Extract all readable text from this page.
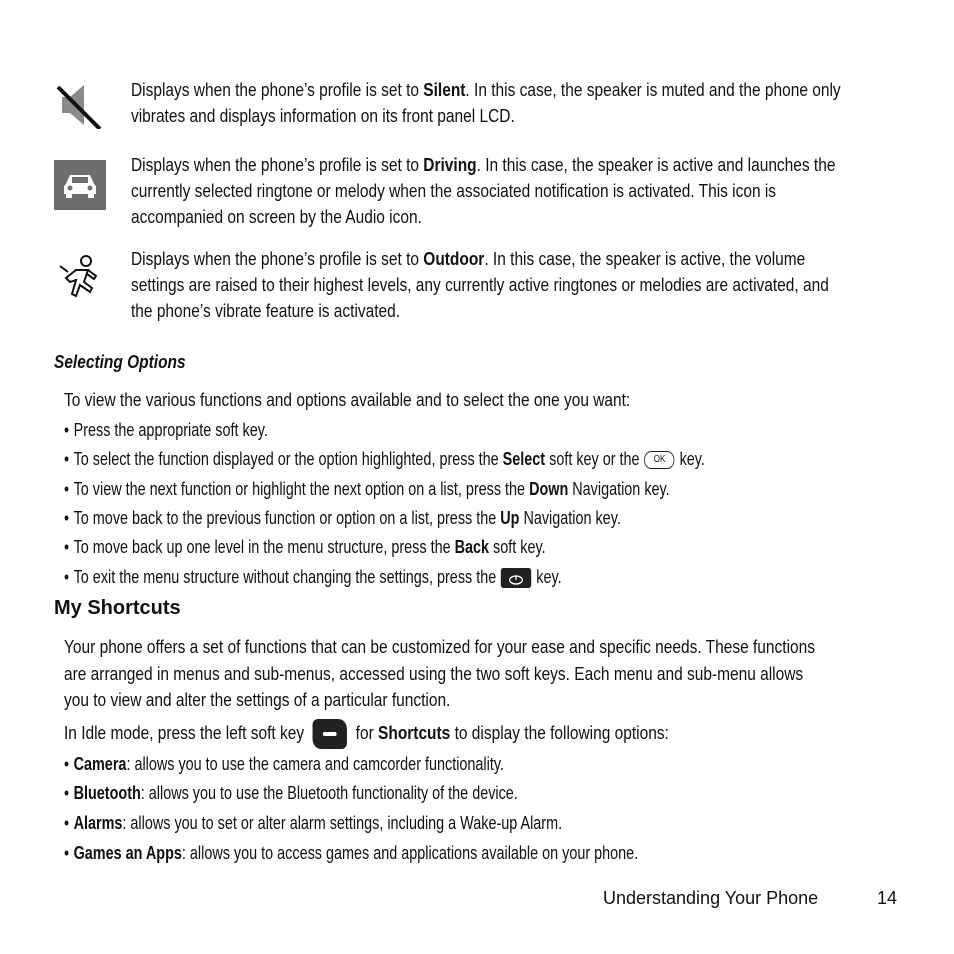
Displays when the phone’s profile is set to Silent. In this case, the speaker is muted and the phone only
vibrates and displays information on its front panel LCD.
Displays when the phone’s profile is set to Driving. In this case, the speaker is active and launches the
currently selected ringtone or melody when the associated notification is activated. This icon is
accompanied on screen by the Audio icon.
Displays when the phone’s profile is set to Outdoor. In this case, the speaker is active, the volume
settings are raised to their highest levels, any currently active ringtones or melodies are activated, and
the phone’s vibrate feature is activated.
Selecting Options
To view the various functions and options available and to select the one you want:
• Press the appropriate soft key.
• To select the function displayed or the option highlighted, press the Select soft key or the OK key.
• To view the next function or highlight the next option on a list, press the Down Navigation key.
• To move back to the previous function or option on a list, press the Up Navigation key.
• To move back up one level in the menu structure, press the Back soft key.
• To exit the menu structure without changing the settings, press the key.
My Shortcuts
Your phone offers a set of functions that can be customized for your ease and specific needs. These functions
are arranged in menus and sub-menus, accessed using the two soft keys. Each menu and sub-menu allows
you to view and alter the settings of a particular function.
In Idle mode, press the left soft key	for Shortcuts to display the following options:
• Camera: allows you to use the camera and camcorder functionality.
• Bluetooth: allows you to use the Bluetooth functionality of the device.
• Alarms: allows you to set or alter alarm settings, including a Wake-up Alarm.
• Games an Apps: allows you to access games and applications available on your phone.
Understanding Your Phone	14
